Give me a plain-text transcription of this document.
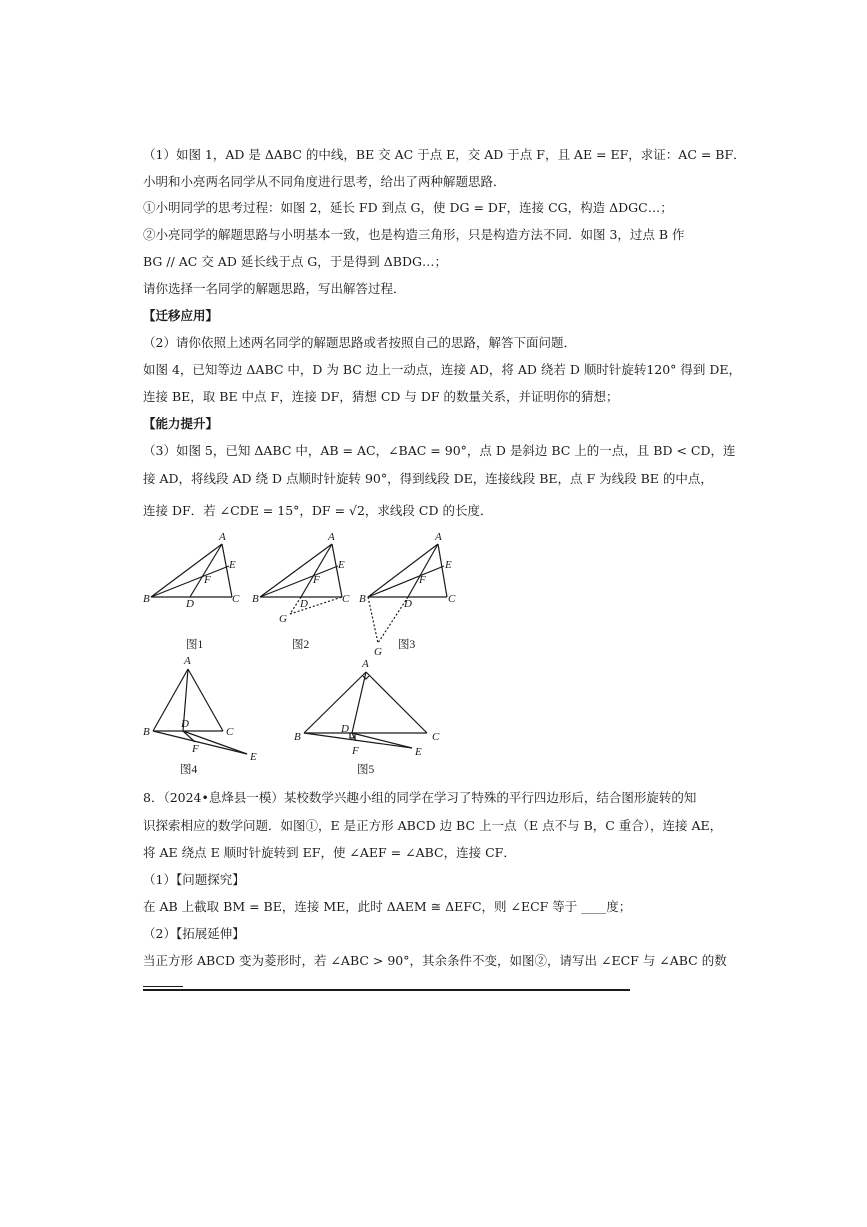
（1）如图 1，AD 是 ΔABC 的中线，BE 交 AC 于点 E，交 AD 于点 F，且 AE = EF，求证：AC = BF．
小明和小亮两名同学从不同角度进行思考，给出了两种解题思路．
①小明同学的思考过程：如图 2，延长 FD 到点 G，使 DG = DF，连接 CG，构造 ΔDGC…；
②小亮同学的解题思路与小明基本一致，也是构造三角形，只是构造方法不同．如图 3，过点 B 作
BG // AC 交 AD 延长线于点 G，于是得到 ΔBDG…；
请你选择一名同学的解题思路，写出解答过程．
【迁移应用】
（2）请你依照上述两名同学的解题思路或者按照自己的思路，解答下面问题．
如图 4，已知等边 ΔABC 中，D 为 BC 边上一动点，连接 AD，将 AD 绕若 D 顺时针旋转120° 得到 DE，
连接 BE，取 BE 中点 F，连接 DF，猜想 CD 与 DF 的数量关系，并证明你的猜想；
【能力提升】
（3）如图 5，已知 ΔABC 中，AB = AC，∠BAC = 90°，点 D 是斜边 BC 上的一点，且 BD < CD，连
接 AD，将线段 AD 绕 D 点顺时针旋转 90°，得到线段 DE，连接线段 BE，点 F 为线段 BE 的中点，
连接 DF．若 ∠CDE = 15°，DF = √2，求线段 CD 的长度．
A
B	C
D
E
F
图1
A
B	C
D
E
F
G
图2
A
B	C
D
E
F
G
图3
A
B	C
D
E
F
图4
A
B	C
D
E
F
图5
8．（2024•息烽县一模）某校数学兴趣小组的同学在学习了特殊的平行四边形后，结合图形旋转的知
识探索相应的数学问题．如图①，E 是正方形 ABCD 边 BC 上一点（E 点不与 B，C 重合），连接 AE，
将 AE 绕点 E 顺时针旋转到 EF，使 ∠AEF = ∠ABC，连接 CF．
（1）【问题探究】
在 AB 上截取 BM = BE，连接 ME，此时 ΔAEM ≅ ΔEFC，则 ∠ECF 等于 ____度；
（2）【拓展延伸】
当正方形 ABCD 变为菱形时，若 ∠ABC > 90°，其余条件不变，如图②，请写出 ∠ECF 与 ∠ABC 的数
